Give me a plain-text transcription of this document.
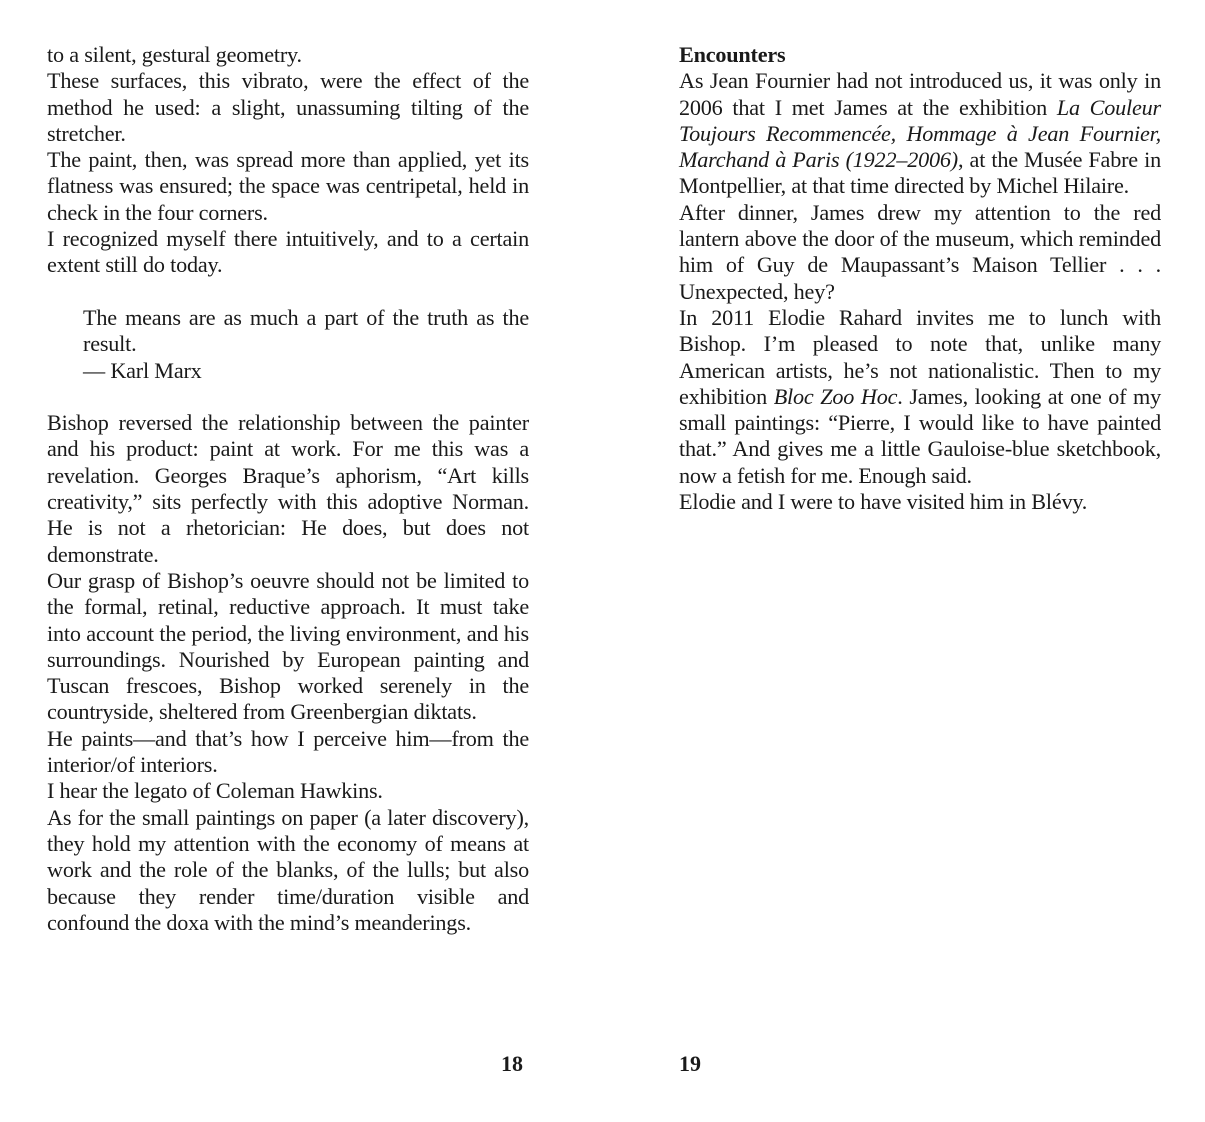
to a silent, gestural geometry.

These surfaces, this vibrato, were the effect of the method he used: a slight, unassuming tilting of the stretcher.

The paint, then, was spread more than applied, yet its flatness was ensured; the space was centripetal, held in check in the four corners.

I recognized myself there intuitively, and to a certain extent still do today.

The means are as much a part of the truth as the result.

— Karl Marx

Bishop reversed the relationship between the painter and his product: paint at work. For me this was a revelation. Georges Braque’s aphorism, “Art kills creativity,” sits perfectly with this adoptive Norman. He is not a rhetorician: He does, but does not demonstrate.

Our grasp of Bishop’s oeuvre should not be limited to the formal, retinal, reductive approach. It must take into account the period, the living environment, and his surroundings. Nourished by European painting and Tuscan frescoes, Bishop worked serenely in the countryside, sheltered from Greenbergian diktats.

He paints—and that’s how I perceive him—from the interior/of interiors.

I hear the legato of Coleman Hawkins.

As for the small paintings on paper (a later discovery), they hold my attention with the economy of means at work and the role of the blanks, of the lulls; but also because they render time/duration visible and confound the doxa with the mind’s meanderings.

Encounters

As Jean Fournier had not introduced us, it was only in 2006 that I met James at the exhibition La Couleur Toujours Recommencée, Hommage à Jean Fournier, Marchand à Paris (1922–2006), at the Musée Fabre in Montpellier, at that time directed by Michel Hilaire.

After dinner, James drew my attention to the red lantern above the door of the museum, which reminded him of Guy de Maupassant’s Maison Tellier . . . Unexpected, hey?

In 2011 Elodie Rahard invites me to lunch with Bishop. I’m pleased to note that, unlike many American artists, he’s not nationalistic. Then to my exhibition Bloc Zoo Hoc. James, looking at one of my small paintings: “Pierre, I would like to have painted that.” And gives me a little Gauloise-blue sketchbook, now a fetish for me. Enough said.

Elodie and I were to have visited him in Blévy.

18	19
